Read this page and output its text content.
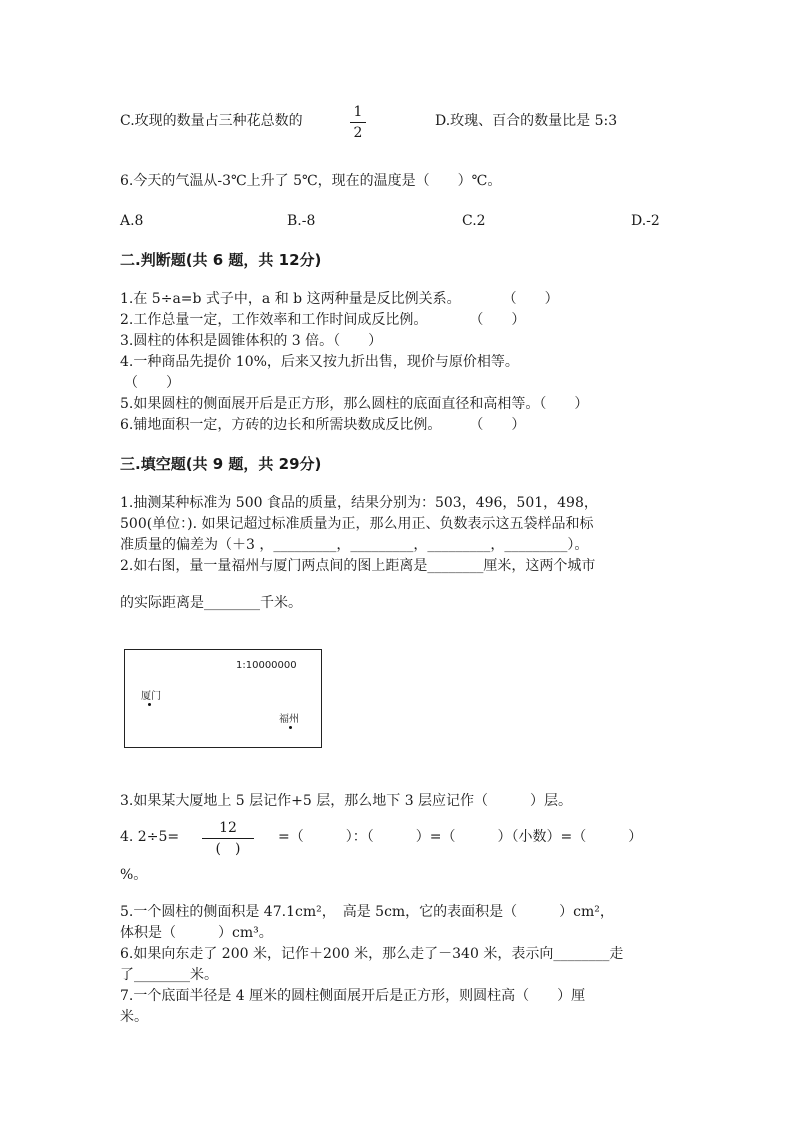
C.玫现的数量占三种花总数的
1
2
D.玫瑰、百合的数量比是 5:3
6.今天的气温从-3℃上升了 5℃，现在的温度是（　　）℃。
A.8	B.-8	C.2	D.-2
二.判断题(共 6 题，共 12分)
1.在 5÷a=b 式子中，a 和 b 这两种量是反比例关系。　　　　（　　）
2.工作总量一定，工作效率和工作时间成反比例。　　　　（　　）
3.圆柱的体积是圆锥体积的 3 倍。（　　）
4.一种商品先提价 10%，后来又按九折出售，现价与原价相等。
（　　）
5.如果圆柱的侧面展开后是正方形，那么圆柱的底面直径和高相等。（　　）
6.铺地面积一定，方砖的边长和所需块数成反比例。　　　（　　）
三.填空题(共 9 题，共 29分)
1.抽测某种标准为 500 食品的质量，结果分别为：503，496，501，498，
500(单位：). 如果记超过标准质量为正，那么用正、负数表示这五袋样品和标
准质量的偏差为（＋3 ，_________，_________，_________，_________）。
2.如右图，量一量福州与厦门两点间的图上距离是________厘米，这两个城市
的实际距离是________千米。
1:10000000
厦门
福州
3.如果某大厦地上 5 层记作+5 层，那么地下 3 层应记作（　　　）层。
4. 2÷5=
12
(　)
=（　　　）：（　　　）=（　　　）（小数）=（　　　）
%。
5.一个圆柱的侧面积是 47.1cm²，　高是 5cm，它的表面积是（　　　）cm²，
体积是（　　　）cm³。
6.如果向东走了 200 米，记作＋200 米，那么走了－340 米，表示向________走
了________米。
7.一个底面半径是 4 厘米的圆柱侧面展开后是正方形，则圆柱高（　　）厘
米。
